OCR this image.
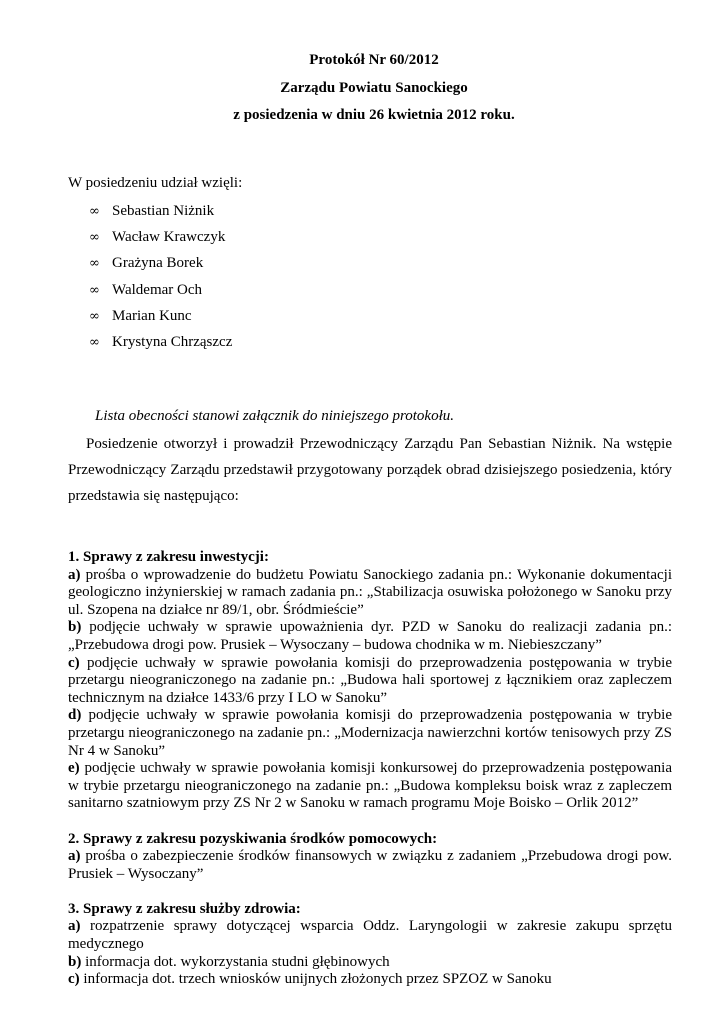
Protokół Nr 60/2012
Zarządu Powiatu Sanockiego
z posiedzenia w dniu 26 kwietnia 2012 roku.
W posiedzeniu udział wzięli:
∞ Sebastian Niżnik
∞ Wacław Krawczyk
∞ Grażyna Borek
∞ Waldemar Och
∞ Marian Kunc
∞ Krystyna Chrząszcz
Lista obecności stanowi załącznik do niniejszego protokołu.
Posiedzenie otworzył i prowadził Przewodniczący Zarządu Pan Sebastian Niżnik. Na wstępie Przewodniczący Zarządu przedstawił przygotowany porządek obrad dzisiejszego posiedzenia, który przedstawia się następująco:

1. Sprawy z zakresu inwestycji:

a) prośba o wprowadzenie do budżetu Powiatu Sanockiego zadania pn.: Wykonanie dokumentacji geologiczno inżynierskiej w ramach zadania pn.: „Stabilizacja osuwiska położonego w Sanoku przy ul. Szopena na działce nr 89/1, obr. Śródmieście”

b) podjęcie uchwały w sprawie upoważnienia dyr. PZD w Sanoku do realizacji zadania pn.: „Przebudowa drogi pow. Prusiek – Wysoczany – budowa chodnika w m. Niebieszczany”

c) podjęcie uchwały w sprawie powołania komisji do przeprowadzenia postępowania w trybie przetargu nieograniczonego na zadanie pn.: „Budowa hali sportowej z łącznikiem oraz zapleczem technicznym na działce 1433/6 przy I LO w Sanoku”

d) podjęcie uchwały w sprawie powołania komisji do przeprowadzenia postępowania w trybie przetargu nieograniczonego na zadanie pn.: „Modernizacja nawierzchni kortów tenisowych przy ZS Nr 4 w Sanoku”

e) podjęcie uchwały w sprawie powołania komisji konkursowej do przeprowadzenia postępowania w trybie przetargu nieograniczonego na zadanie pn.: „Budowa kompleksu boisk wraz z zapleczem sanitarno szatniowym przy ZS Nr 2 w Sanoku w ramach programu Moje Boisko – Orlik 2012”

2. Sprawy z zakresu pozyskiwania środków pomocowych:

a) prośba o zabezpieczenie środków finansowych w związku z zadaniem „Przebudowa drogi pow. Prusiek – Wysoczany”

3. Sprawy z zakresu służby zdrowia:

a) rozpatrzenie sprawy dotyczącej wsparcia Oddz. Laryngologii w zakresie zakupu sprzętu medycznego

b) informacja dot. wykorzystania studni głębinowych

c) informacja dot. trzech wniosków unijnych złożonych przez SPZOZ w Sanoku
